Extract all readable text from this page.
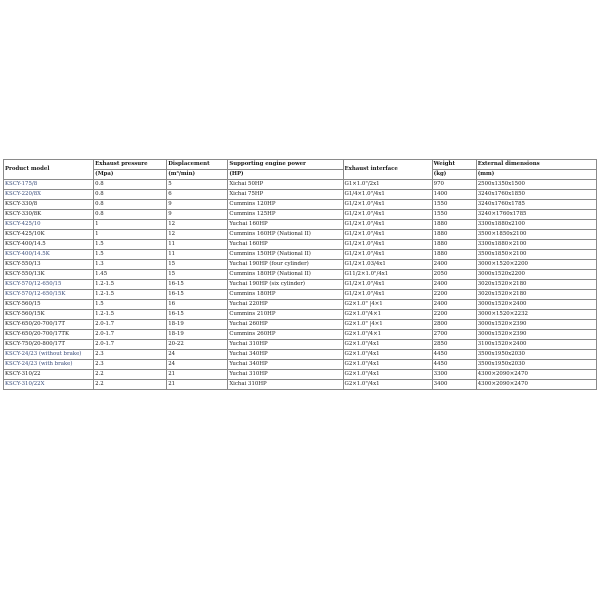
Product model	Exhaust pressure	Displacement	Supporting engine power	Exhaust interface	Weight	External dimensions
	(Mpa)	(m³/min)	(HP)		(kg)	(mm)
KSCY-175/8	0.8	5	Xichai 50HP	G1×1.0"/2x1	970	2500x1350x1500
KSCY-220/8X	0.8	6	Xichai 75HP	G1/4×1.0"/4x1	1400	3240x1760x1850
KSCY-330/8	0.8	9	Cummins 120HP	G1/2×1.0"/4x1	1550	3240x1760x1785
KSCY-330/8K	0.8	9	Cummins 125HP	G1/2×1.0"/4x1	1550	3240×1760x1785
KSCY-425/10	1	12	Yuchai 160HP	G1/2×1.0"/4x1	1880	3300x1880x2100
KSCY-425/10K	1	12	Cummins 160HP (National II)	G1/2×1.0"/4x1	1880	3500×1850x2100
KSCY-400/14.5	1.5	11	Yuchai 160HP	G1/2×1.0"/4x1	1880	3300x1880×2100
KSCY-400/14.5K	1.5	11	Cummins 150HP (National II)	G1/2×1.0"/4x1	1880	3500x1850×2100
KSCY-550/13	1.3	15	Yuchai 190HP (four cylinder)	G1/2×1.03/4x1	2400	3000×1520×2200
KSCY-550/13K	1.45	15	Cummins 180HP (National II)	G11/2×1.0"/4x1	2050	3000x1520x2200
KSCY-570/12-650/15	1.2-1.5	16-15	Yuchai 190HP (six cylinder)	G1/2×1.0"/4x1	2400	3020x1520×2180
KSCY-570/12-650/15K	1.2-1.5	16-15	Cummins 180HP	G1/2×1.0"/4x1	2200	3020x1520×2180
KSCY-560/15	1.5	16	Yuchai 220HP	G2×1.0" |4×1	2400	3000x1520×2400
KSCY-560/15K	1.2-1.5	16-15	Cummins 210HP	G2×1.0"/4×1	2200	3000×1520×2232
KSCY-650/20-700/17T	2.0-1.7	18-19	Yuchai 260HP	G2×1.0" |4×1	2800	3000x1520×2390
KSCY-650/20-700/17TK	2.0-1.7	18-19	Cummins 260HP	G2×1.0"/4×1	2700	3000x1520×2390
KSCY-750/20-800/17T	2.0-1.7	20-22	Yuchai 310HP	G2×1.0"/4x1	2850	3100x1520×2400
KSCY-24/23 (without brake)	2.3	24	Yuchai 340HP	G2×1.0"/4x1	4450	3500x1950x2030
KSCY-24/23 (with brake)	2.3	24	Yuchai 340HP	G2×1.0"/4x1	4450	3500x1950x2030
KSCY-310/22	2.2	21	Yuchai 310HP	G2×1.0"/4x1	3300	4300×2090×2470
KSCY-310/22X	2.2	21	Xichai 310HP	G2×1.0"/4x1	3400	4300×2090×2470
